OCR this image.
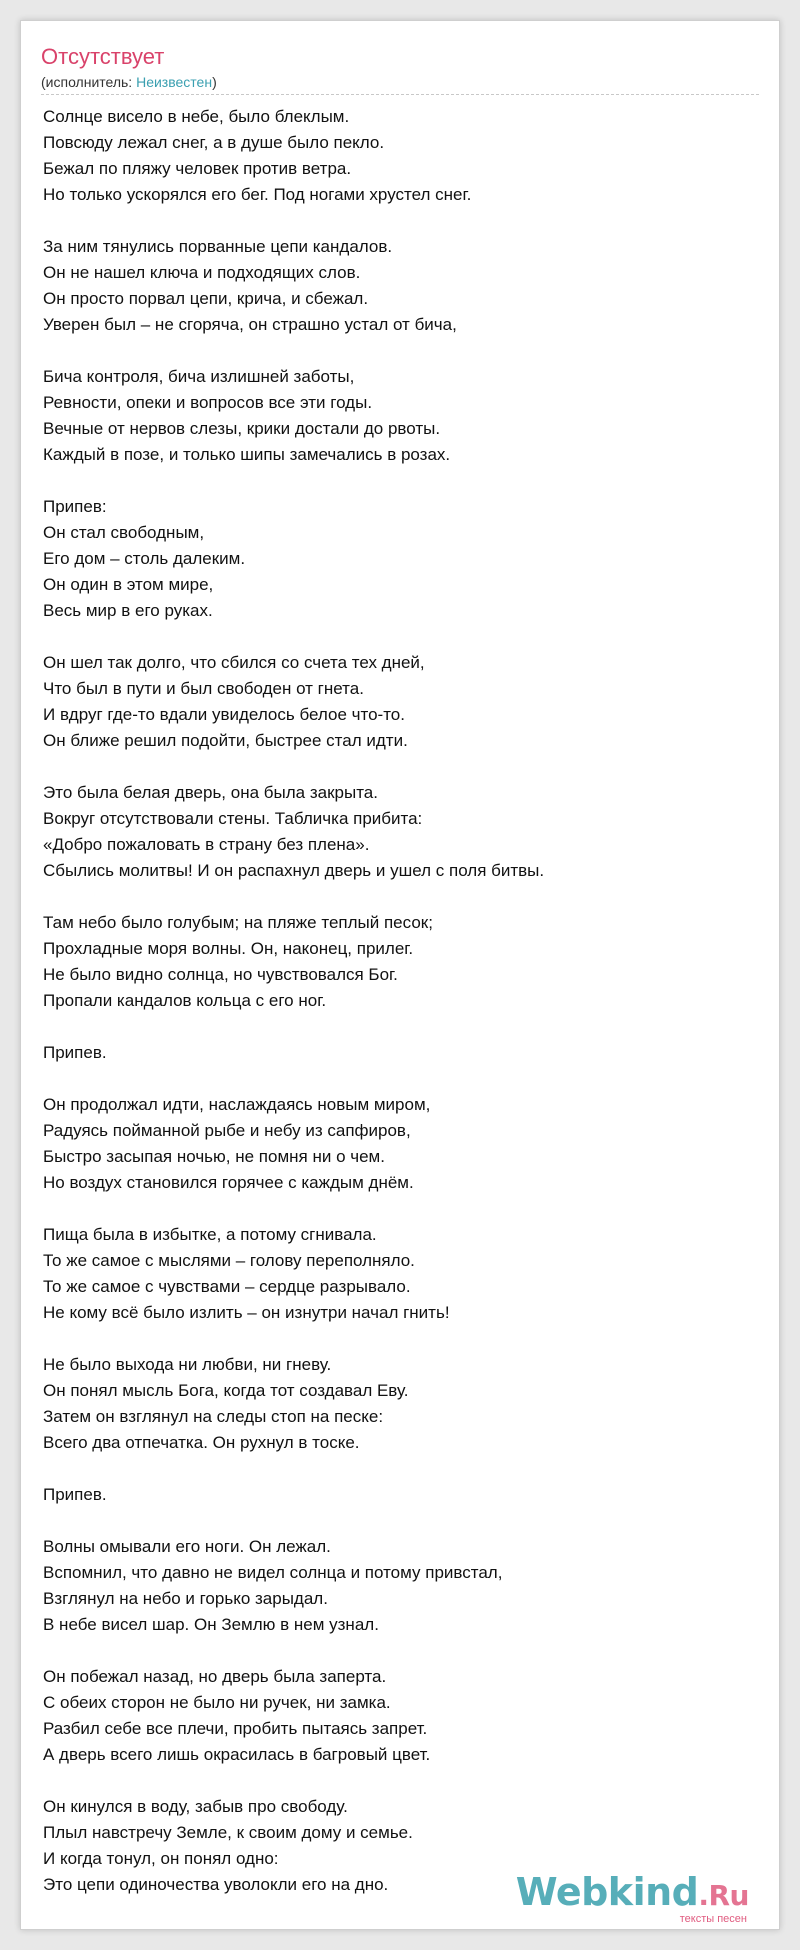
Отсутствует
(исполнитель: Неизвестен)
Солнце висело в небе, было блеклым.
Повсюду лежал снег, а в душе было пекло.
Бежал по пляжу человек против ветра.
Но только ускорялся его бег. Под ногами хрустел снег.
За ним тянулись порванные цепи кандалов.
Он не нашел ключа и подходящих слов.
Он просто порвал цепи, крича, и сбежал.
Уверен был – не сгоряча, он страшно устал от бича,
Бича контроля, бича излишней заботы,
Ревности, опеки и вопросов все эти годы.
Вечные от нервов слезы, крики достали до рвоты.
Каждый в позе, и только шипы замечались в розах.
Припев:
Он стал свободным,
Его дом – столь далеким.
Он один в этом мире,
Весь мир в его руках.
Он шел так долго, что сбился со счета тех дней,
Что был в пути и был свободен от гнета.
И вдруг где-то вдали увиделось белое что-то.
Он ближе решил подойти, быстрее стал идти.
Это была белая дверь, она была закрыта.
Вокруг отсутствовали стены. Табличка прибита:
«Добро пожаловать в страну без плена».
Сбылись молитвы! И он распахнул дверь и ушел с поля битвы.
Там небо было голубым; на пляже теплый песок;
Прохладные моря волны. Он, наконец, прилег.
Не было видно солнца, но чувствовался Бог.
Пропали кандалов кольца с его ног.
Припев.
Он продолжал идти, наслаждаясь новым миром,
Радуясь пойманной рыбе и небу из сапфиров,
Быстро засыпая ночью, не помня ни о чем.
Но воздух становился горячее с каждым днём.
Пища была в избытке, а потому сгнивала.
То же самое с мыслями – голову переполняло.
То же самое с чувствами – сердце разрывало.
Не кому всё было излить – он изнутри начал гнить!
Не было выхода ни любви, ни гневу.
Он понял мысль Бога, когда тот создавал Еву.
Затем он взглянул на следы стоп на песке:
Всего два отпечатка. Он рухнул в тоске.
Припев.
Волны омывали его ноги. Он лежал.
Вспомнил, что давно не видел солнца и потому привстал,
Взглянул на небо и горько зарыдал.
В небе висел шар. Он Землю в нем узнал.
Он побежал назад, но дверь была заперта.
С обеих сторон не было ни ручек, ни замка.
Разбил себе все плечи, пробить пытаясь запрет.
А дверь всего лишь окрасилась в багровый цвет.
Он кинулся в воду, забыв про свободу.
Плыл навстречу Земле, к своим дому и семье.
И когда тонул, он понял одно:
Это цепи одиночества уволокли его на дно.	Webkind.Ru
тексты песен
